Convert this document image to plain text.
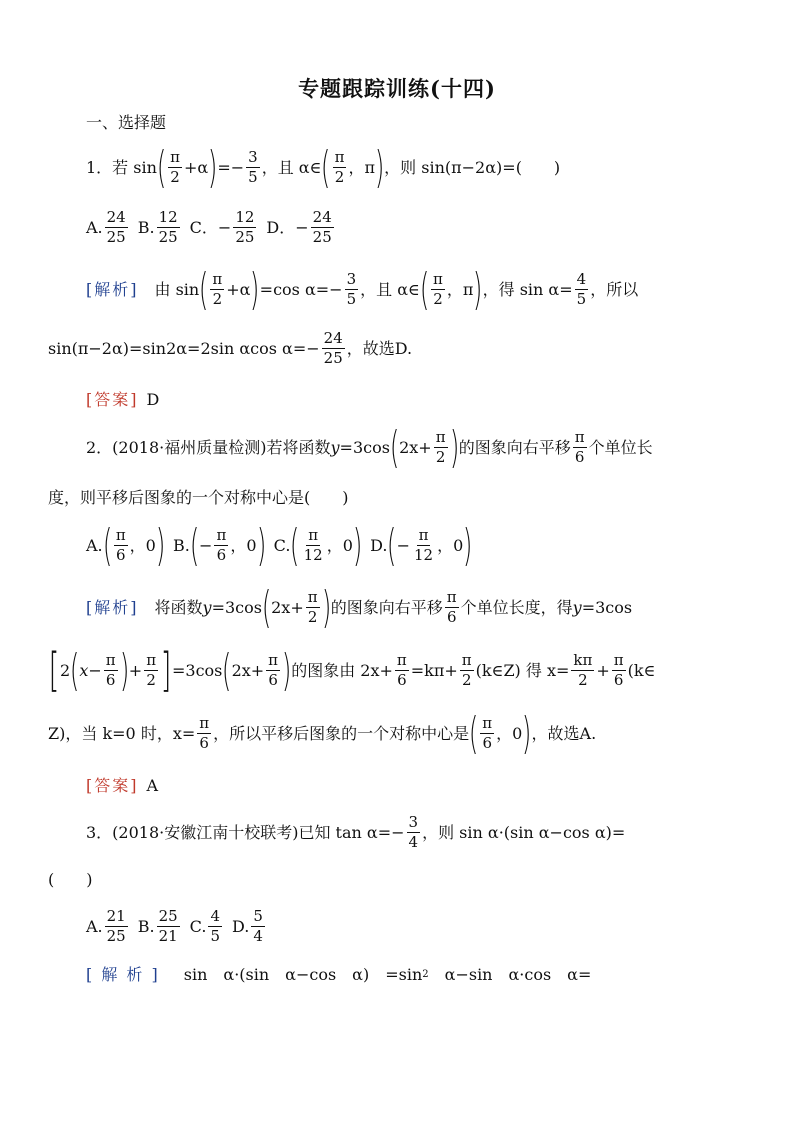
专题跟踪训练(十四)
一、选择题
1．若 sin ( $\frac{\pi}{2} +\alpha$ ) =− $\frac{3}{5}$ ，且 α∈ ( $\frac{\pi}{2}$ ，π ) ，则 sin(π−2α)=(　　)
A. $\frac{24}{25} B$. $\frac{12}{25}$ C．− $\frac{12}{25}$ D．− $\frac{24}{25}$
[解析] 由 sin ( $\frac{\pi}{2} +\alpha$ ) =cos $\alpha=- \frac{3}{5}$ ，且 α∈ ( $\frac{\pi}{2}$ ，π ) ，得 $\sin \alpha= \frac{4}{5}$ ，所以
sin(π−2α)=sin2α=2sin αcos $\alpha=- \frac{24}{25}$ ，故选D.
[答案] D
2．(2018·福州质量检测)若将函数 y =3cos ( $2x+ \frac{\pi}{2}$ ) 的图象向右平移 $\frac{\pi}{6}$ 个单位长
度，则平移后图象的一个对称中心是(　　)
A. ( $\frac{\pi}{6}$ ，0 ) B. ( − $\frac{\pi}{6}$ ，0 ) C. ( $\frac{\pi}{12}$ ，0 ) D. ( − $\frac{\pi}{12}$ ，0 )
[解析] 将函数 y =3cos ( $2x+ \frac{\pi}{2}$ ) 的图象向右平移 $\frac{\pi}{6}$ 个单位长度，得 y =3cos
[ 2 ( $x- \frac{\pi}{6}$ ) + $\frac{\pi}{2}$ ] =3cos ( $2x+ \frac{\pi}{6}$ ) 的图象由 $2x+ \frac{\pi}{6} =k\pi+ \frac{\pi}{2}$ (k∈Z) 得 $x= \frac{k\pi}{2} + \frac{\pi}{6}$ (k∈
Z)，当 k=0 时，$x= \frac{\pi}{6}$ ，所以平移后图象的一个对称中心是 ( $\frac{\pi}{6}$ ，0 ) ，故选A.
[答案] A
3．(2018·安徽江南十校联考)已知 $\tan \alpha=- \frac{3}{4}$ ，则 sin α·(sin α−cos α)=
(　　)
A. $\frac{21}{25} B$. $\frac{25}{21} C$. $\frac{4}{5} D$. $\frac{5}{4}$
[ 解 析 ] sin　α·(sin　α−cos　α)　=sin 2 　α−sin　α·cos　α=
